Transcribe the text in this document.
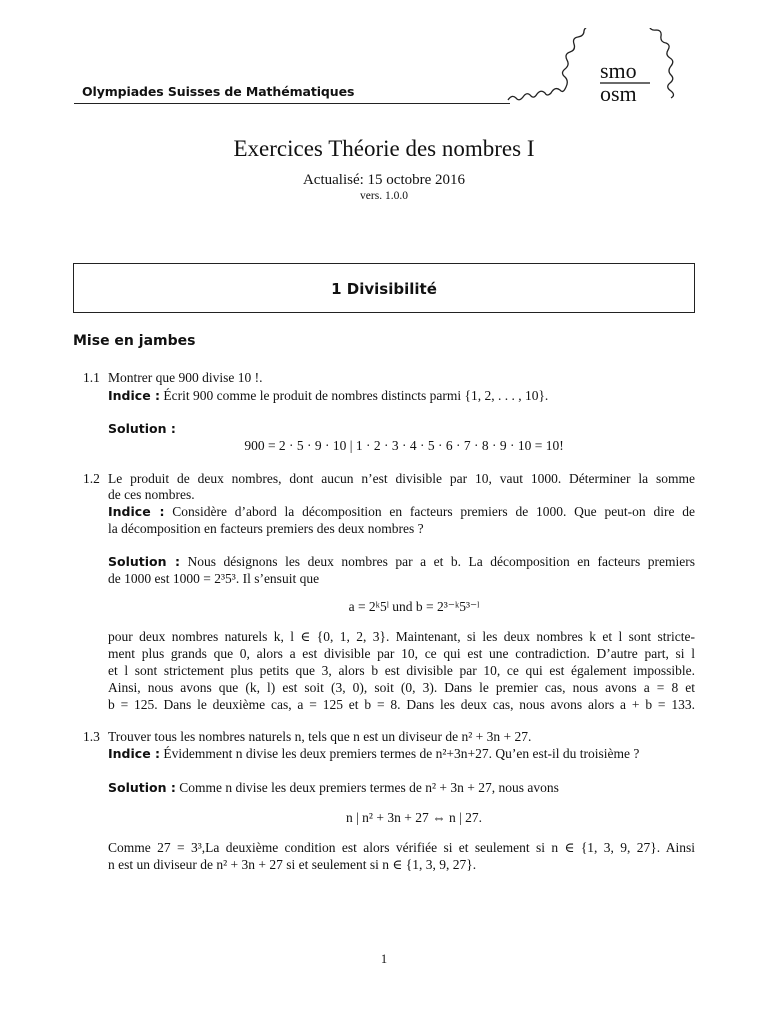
Olympiades Suisses de Mathématiques
smo
osm
Exercices Théorie des nombres I
Actualisé: 15 octobre 2016
vers. 1.0.0
1 Divisibilité
Mise en jambes
1.1 Montrer que 900 divise 10 !.
Indice : Écrit 900 comme le produit de nombres distincts parmi {1, 2, . . . , 10}.
Solution :
900 = 2 · 5 · 9 · 10 | 1 · 2 · 3 · 4 · 5 · 6 · 7 · 8 · 9 · 10 = 10!
1.2 Le produit de deux nombres, dont aucun n’est divisible par 10, vaut 1000. Déterminer la somme
de ces nombres.
Indice : Considère d’abord la décomposition en facteurs premiers de 1000. Que peut-on dire de
la décomposition en facteurs premiers des deux nombres ?
Solution : Nous désignons les deux nombres par a et b. La décomposition en facteurs premiers
de 1000 est 1000 = 2³5³. Il s’ensuit que
a = 2ᵏ5ˡ und b = 2³⁻ᵏ5³⁻ˡ
pour deux nombres naturels k, l ∈ {0, 1, 2, 3}. Maintenant, si les deux nombres k et l sont stricte-
ment plus grands que 0, alors a est divisible par 10, ce qui est une contradiction. D’autre part, si l
et l sont strictement plus petits que 3, alors b est divisible par 10, ce qui est également impossible.
Ainsi, nous avons que (k, l) est soit (3, 0), soit (0, 3). Dans le premier cas, nous avons a = 8 et
b = 125. Dans le deuxième cas, a = 125 et b = 8. Dans les deux cas, nous avons alors a + b = 133.
1.3 Trouver tous les nombres naturels n, tels que n est un diviseur de n² + 3n + 27.
Indice : Évidemment n divise les deux premiers termes de n²+3n+27. Qu’en est-il du troisième ?
Solution : Comme n divise les deux premiers termes de n² + 3n + 27, nous avons
n | n² + 3n + 27 ⇔ n | 27.
Comme 27 = 3³,La deuxième condition est alors vérifiée si et seulement si n ∈ {1, 3, 9, 27}. Ainsi
n est un diviseur de n² + 3n + 27 si et seulement si n ∈ {1, 3, 9, 27}.
1
